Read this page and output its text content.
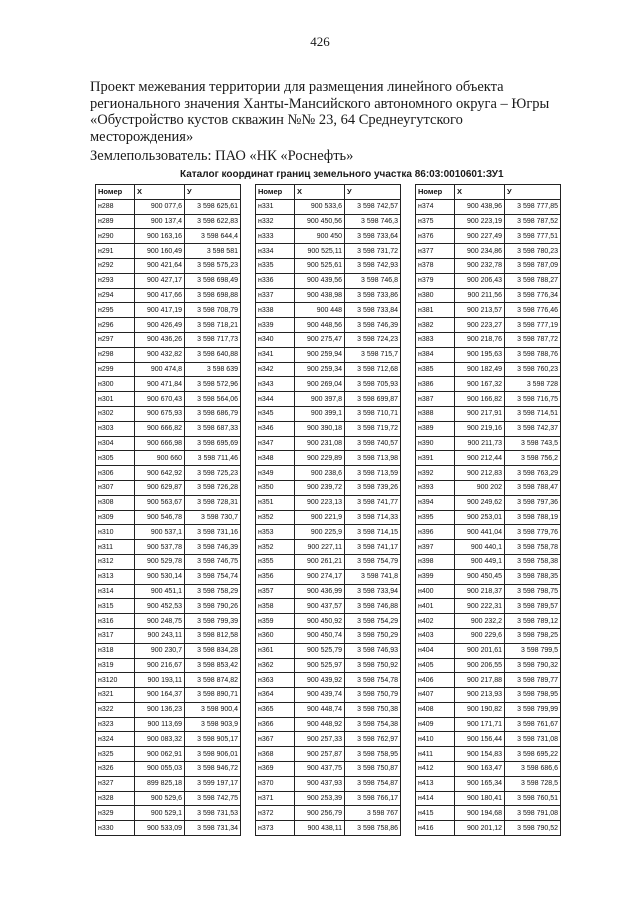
426

Проект межевания территории для размещения линейного объекта

регионального значения Ханты-Мансийского автономного округа – Югры

«Обустройство кустов скважин №№ 23, 64 Среднеугутского

месторождения»

Землепользователь: ПАО «НК «Роснефть»

Каталог координат границ земельного участка 86:03:0010601:ЗУ1
Номер	X	У
н288	900 077,6	3 598 625,61
н289	900 137,4	3 598 622,83
н290	900 163,16	3 598 644,4
н291	900 160,49	3 598 581
н292	900 421,64	3 598 575,23
н293	900 427,17	3 598 698,49
н294	900 417,66	3 598 698,88
н295	900 417,19	3 598 708,79
н296	900 426,49	3 598 718,21
н297	900 436,26	3 598 717,73
н298	900 432,82	3 598 640,88
н299	900 474,8	3 598 639
н300	900 471,84	3 598 572,96
н301	900 670,43	3 598 564,06
н302	900 675,93	3 598 686,79
н303	900 666,82	3 598 687,33
н304	900 666,98	3 598 695,69
н305	900 660	3 598 711,46
н306	900 642,92	3 598 725,23
н307	900 629,87	3 598 726,28
н308	900 563,67	3 598 728,31
н309	900 546,78	3 598 730,7
н310	900 537,1	3 598 731,16
н311	900 537,78	3 598 746,39
н312	900 529,78	3 598 746,75
н313	900 530,14	3 598 754,74
н314	900 451,1	3 598 758,29
н315	900 452,53	3 598 790,26
н316	900 248,75	3 598 799,39
н317	900 243,11	3 598 812,58
н318	900 230,7	3 598 834,28
н319	900 216,67	3 598 853,42
н3120	900 193,11	3 598 874,82
н321	900 164,37	3 598 890,71
н322	900 136,23	3 598 900,4
н323	900 113,69	3 598 903,9
н324	900 083,32	3 598 905,17
н325	900 062,91	3 598 906,01
н326	900 055,03	3 598 946,72
н327	899 825,18	3 599 197,17
н328	900 529,6	3 598 742,75
н329	900 529,1	3 598 731,53
н330	900 533,09	3 598 731,34
Номер	X	У
н331	900 533,6	3 598 742,57
н332	900 450,56	3 598 746,3
н333	900 450	3 598 733,64
н334	900 525,11	3 598 731,72
н335	900 525,61	3 598 742,93
н336	900 439,56	3 598 746,8
н337	900 438,98	3 598 733,86
н338	900 448	3 598 733,84
н339	900 448,56	3 598 746,39
н340	900 275,47	3 598 724,23
н341	900 259,94	3 598 715,7
н342	900 259,34	3 598 712,68
н343	900 269,04	3 598 705,93
н344	900 397,8	3 598 699,87
н345	900 399,1	3 598 710,71
н346	900 390,18	3 598 719,72
н347	900 231,08	3 598 740,57
н348	900 229,89	3 598 713,98
н349	900 238,6	3 598 713,59
н350	900 239,72	3 598 739,26
н351	900 223,13	3 598 741,77
н352	900 221,9	3 598 714,33
н353	900 225,9	3 598 714,15
н352	900 227,11	3 598 741,17
н355	900 261,21	3 598 754,79
н356	900 274,17	3 598 741,8
н357	900 436,99	3 598 733,94
н358	900 437,57	3 598 746,88
н359	900 450,92	3 598 754,29
н360	900 450,74	3 598 750,29
н361	900 525,79	3 598 746,93
н362	900 525,97	3 598 750,92
н363	900 439,92	3 598 754,78
н364	900 439,74	3 598 750,79
н365	900 448,74	3 598 750,38
н366	900 448,92	3 598 754,38
н367	900 257,33	3 598 762,97
н368	900 257,87	3 598 758,95
н369	900 437,75	3 598 750,87
н370	900 437,93	3 598 754,87
н371	900 253,39	3 598 766,17
н372	900 256,79	3 598 767
н373	900 438,11	3 598 758,86
Номер	X	У
н374	900 438,96	3 598 777,85
н375	900 223,19	3 598 787,52
н376	900 227,49	3 598 777,51
н377	900 234,86	3 598 780,23
н378	900 232,78	3 598 787,09
н379	900 206,43	3 598 788,27
н380	900 211,56	3 598 776,34
н381	900 213,57	3 598 776,46
н382	900 223,27	3 598 777,19
н383	900 218,76	3 598 787,72
н384	900 195,63	3 598 788,76
н385	900 182,49	3 598 760,23
н386	900 167,32	3 598 728
н387	900 166,82	3 598 716,75
н388	900 217,91	3 598 714,51
н389	900 219,16	3 598 742,37
н390	900 211,73	3 598 743,5
н391	900 212,44	3 598 756,2
н392	900 212,83	3 598 763,29
н393	900 202	3 598 788,47
н394	900 249,62	3 598 797,36
н395	900 253,01	3 598 788,19
н396	900 441,04	3 598 779,76
н397	900 440,1	3 598 758,78
н398	900 449,1	3 598 758,38
н399	900 450,45	3 598 788,35
н400	900 218,37	3 598 798,75
н401	900 222,31	3 598 789,57
н402	900 232,2	3 598 789,12
н403	900 229,6	3 598 798,25
н404	900 201,61	3 598 799,5
н405	900 206,55	3 598 790,32
н406	900 217,88	3 598 789,77
н407	900 213,93	3 598 798,95
н408	900 190,82	3 598 799,99
н409	900 171,71	3 598 761,67
н410	900 156,44	3 598 731,08
н411	900 154,83	3 598 695,22
н412	900 163,47	3 598 686,6
н413	900 165,34	3 598 728,5
н414	900 180,41	3 598 760,51
н415	900 194,68	3 598 791,08
н416	900 201,12	3 598 790,52
